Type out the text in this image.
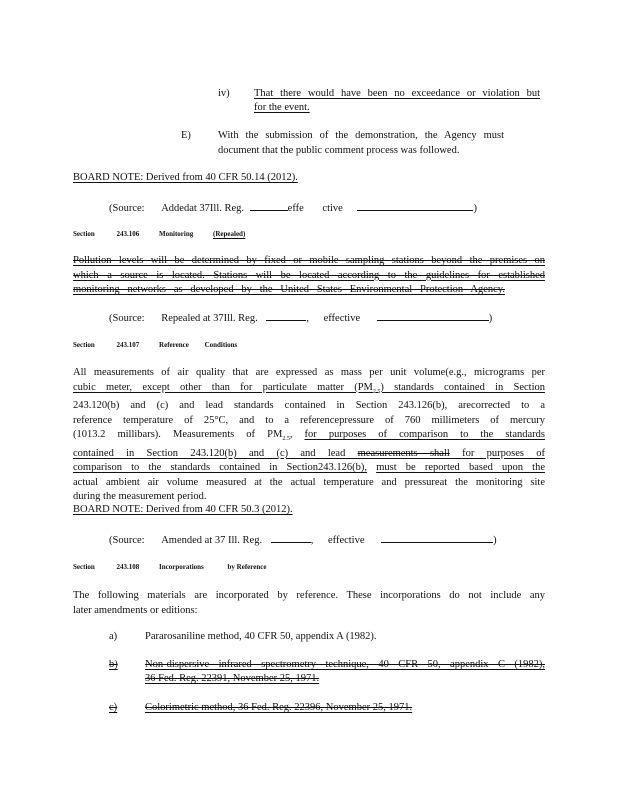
iv) That there would have been no exceedance or violation but
for the event.
E)	With the submission of the demonstration, the Agency must
document that the public comment process was followed.
BOARD NOTE: Derived from 40 CFR 50.14 (2012).
(Source: Addedat 37Ill. Reg.	effe ctive	)
Section	243.106	Monitoring	(Repealed)
Pollution levels will be determined by fixed or mobile sampling stations beyond the premises on
which a source is located. Stations will be located according to the guidelines for established
monitoring networks as developed by the United States Environmental Protection Agency.
(Source: Repealed at 37Ill. Reg.	, effective	)
Section	243.107	Reference Conditions
All measurements of air quality that are expressed as mass per unit volume(e.g., micrograms per
cubic meter, except other than for particulate matter $(PM_{2.5})$ standards contained in Section
243.120(b) and (c) and lead standards contained in Section 243.126(b), arecorrected to a
reference temperature of 25°C, and to a referencepressure of 760 millimeters of mercury
(1013.2 millibars). Measurements of $PM_{2.5}$, for purposes of comparison to the standards
contained in Section 243.120(b) and (c) and lead measurements shall for purposes of
comparison to the standards contained in Section243.126(b), must be reported based upon the
actual ambient air volume measured at the actual temperature and pressureat the monitoring site
during the measurement period.
BOARD NOTE: Derived from 40 CFR 50.3 (2012).
(Source: Amended at 37 Ill. Reg.	, effective	)
Section	243.108	Incorporations	by Reference
The following materials are incorporated by reference. These incorporations do not include any
later amendments or editions:
a)	Pararosaniline method, 40 CFR 50, appendix A (1982).
b)	Non-dispersive infrared spectrometry technique, 40 CFR 50, appendix C (1982),
36 Fed. Reg. 22391, November 25, 1971.
c)	Colorimetric method, 36 Fed. Reg. 22396, November 25, 1971.
